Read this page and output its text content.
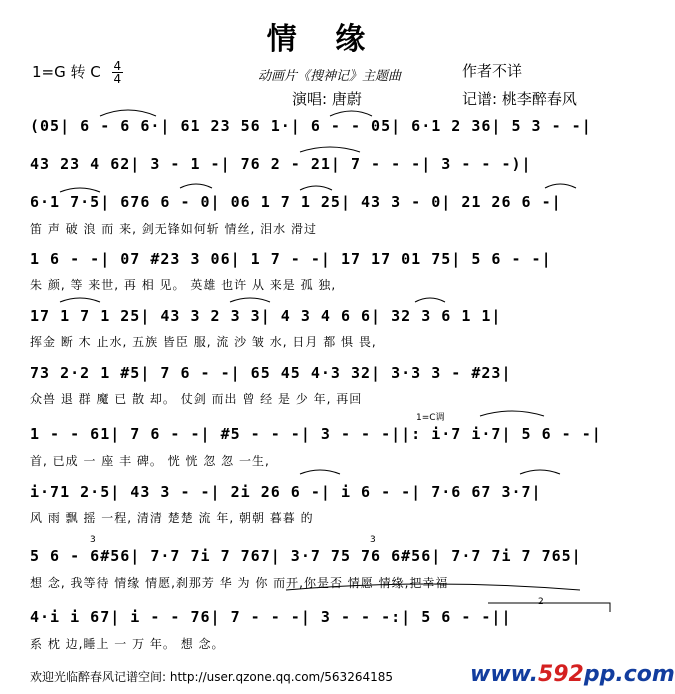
情 缘
1=G 转 C $\frac{4}{4}$	动画片《搜神记》主题曲	作者不详
演唱: 唐蔚	记谱: 桃李醉春风
(05| 6 - 6 6·| 61 23 56 1·| 6 - - 05| 6·1 2 36| 5 3 - -|
43 23 4 62| 3 - 1 -| 76 2 - 21| 7 - - -| 3 - - -)|
6·1 7·5| 676 6 - 0| 06 1 7 1 25| 43 3 - 0| 21 26 6 -|
笛 声 破 浪 而 来, 剑无锋如何斩 情丝, 泪水 滑过
1 6 - -| 07 #23 3 06| 1 7 - -| 17 17 01 75| 5 6 - -|
朱 颜, 等 来世, 再 相 见。 英雄 也许 从 来是 孤 独,
17 1 7 1 25| 43 3 2 3 3| 4 3 4 6 6| 32 3 6 1 1|
挥金 断 木 止水, 五族 皆臣 服, 流 沙 皱 水, 日月 都 惧 畏,
73 2·2 1 #5| 7 6 - -| 65 45 4·3 32| 3·3 3 - #23|
众兽 退 群 魔 已 散 却。 仗剑 而出 曾 经 是 少 年, 再回
1=C调
1 - - 61| 7 6 - -| #5 - - -| 3 - - -||: i·7 i·7| 5 6 - -|
首, 已成 一 座 丰 碑。 恍 恍 忽 忽 一生,
i·71 2·5| 43 3 - -| 2i 26 6 -| i 6 - -| 7·6 67 3·7|
风 雨 飘 摇 一程, 清清 楚楚 流 年, 朝朝 暮暮 的
3	3
5 6 - 6#56| 7·7 7i 7 767| 3·7 75 76 6#56| 7·7 7i 7 765|
想 念, 我等待 情缘 情愿,刹那芳 华 为 你 而开,你是否 情愿 情缘,把幸福
2
4·i i 67| i - - 76| 7 - - -| 3 - - -:| 5 6 - -||
系 枕 边,睡上 一 万 年。 想 念。
欢迎光临醉春风记谱空间: http://user.qzone.qq.com/563264185	www.592pp.com
